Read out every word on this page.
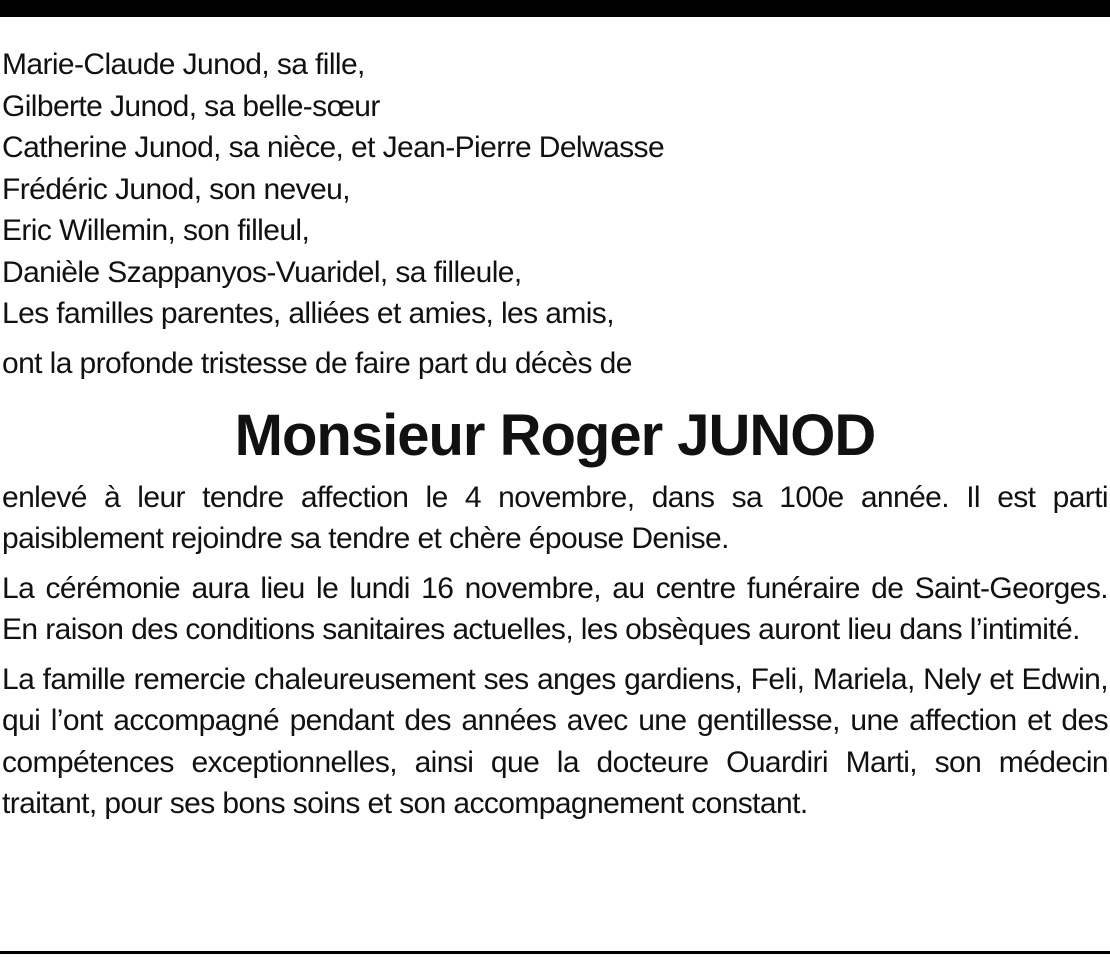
Marie-Claude Junod, sa fille,
Gilberte Junod, sa belle-sœur
Catherine Junod, sa nièce, et Jean-Pierre Delwasse
Frédéric Junod, son neveu,
Eric Willemin, son filleul,
Danièle Szappanyos-Vuaridel, sa filleule,
Les familles parentes, alliées et amies, les amis,
ont la profonde tristesse de faire part du décès de
Monsieur Roger JUNOD

enlevé à leur tendre affection le 4 novembre, dans sa 100e année. Il est parti paisiblement rejoindre sa tendre et chère épouse Denise.

La cérémonie aura lieu le lundi 16 novembre, au centre funéraire de Saint-Georges. En raison des conditions sanitaires actuelles, les obsèques auront lieu dans l’intimité.

La famille remercie chaleureusement ses anges gardiens, Feli, Mariela, Nely et Edwin, qui l’ont accompagné pendant des années avec une gentillesse, une affection et des compétences exceptionnelles, ainsi que la docteure Ouardiri Marti, son médecin traitant, pour ses bons soins et son accompagnement constant.
